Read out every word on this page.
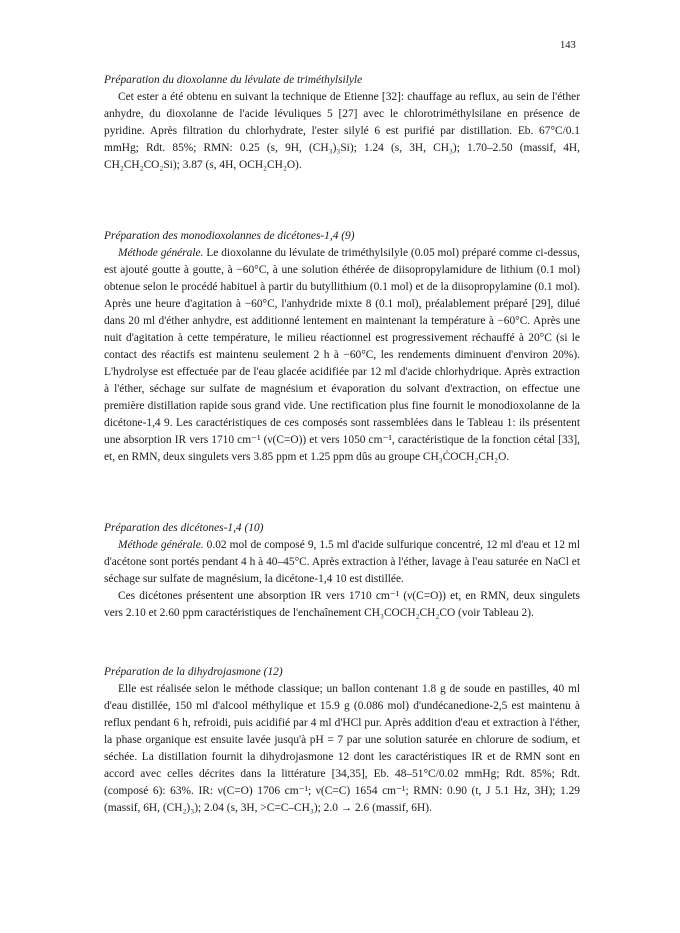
143

Préparation du dioxolanne du lévulate de triméthylsilyle

Cet ester a été obtenu en suivant la technique de Etienne [32]: chauffage au reflux, au sein de l'éther anhydre, du dioxolanne de l'acide lévuliques 5 [27] avec le chlorotriméthylsilane en présence de pyridine. Après filtration du chlorhydrate, l'ester silylé 6 est purifié par distillation. Eb. 67°C/0.1 mmHg; Rdt. 85%; RMN: 0.25 (s, 9H, (CH₃)₃Si); 1.24 (s, 3H, CH₃); 1.70–2.50 (massif, 4H, CH₂CH₂CO₂Si); 3.87 (s, 4H, OCH₂CH₂O).

Préparation des monodioxolannes de dicétones-1,4 (9)

Méthode générale. Le dioxolanne du lévulate de triméthylsilyle (0.05 mol) préparé comme ci-dessus, est ajouté goutte à goutte, à −60°C, à une solution éthérée de diisopropylamidure de lithium (0.1 mol) obtenue selon le procédé habituel à partir du butyllithium (0.1 mol) et de la diisopropylamine (0.1 mol). Après une heure d'agitation à −60°C, l'anhydride mixte 8 (0.1 mol), préalablement préparé [29], dilué dans 20 ml d'éther anhydre, est additionné lentement en maintenant la température à −60°C. Après une nuit d'agitation à cette température, le milieu réactionnel est progressivement réchauffé à 20°C (si le contact des réactifs est maintenu seulement 2 h à −60°C, les rendements diminuent d'environ 20%). L'hydrolyse est effectuée par de l'eau glacée acidifiée par 12 ml d'acide chlorhydrique. Après extraction à l'éther, séchage sur sulfate de magnésium et évaporation du solvant d'extraction, on effectue une première distillation rapide sous grand vide. Une rectification plus fine fournit le monodioxolanne de la dicétone-1,4 9. Les caractéristiques de ces composés sont rassemblées dans le Tableau 1: ils présentent une absorption IR vers 1710 cm⁻¹ (ν(C=O)) et vers 1050 cm⁻¹, caractéristique de la fonction cétal [33], et, en RMN, deux singulets vers 3.85 ppm et 1.25 ppm dûs au groupe CH₃ĊOCH₂CH₂O.

Préparation des dicétones-1,4 (10)

Méthode générale. 0.02 mol de composé 9, 1.5 ml d'acide sulfurique concentré, 12 ml d'eau et 12 ml d'acétone sont portés pendant 4 h à 40–45°C. Après extraction à l'éther, lavage à l'eau saturée en NaCl et séchage sur sulfate de magnésium, la dicétone-1,4 10 est distillée.

Ces dicétones présentent une absorption IR vers 1710 cm⁻¹ (ν(C=O)) et, en RMN, deux singulets vers 2.10 et 2.60 ppm caractéristiques de l'enchaînement CH₃COCH₂CH₂CO (voir Tableau 2).

Préparation de la dihydrojasmone (12)

Elle est réalisée selon le méthode classique; un ballon contenant 1.8 g de soude en pastilles, 40 ml d'eau distillée, 150 ml d'alcool méthylique et 15.9 g (0.086 mol) d'undécanedione-2,5 est maintenu à reflux pendant 6 h, refroidi, puis acidifié par 4 ml d'HCl pur. Après addition d'eau et extraction à l'éther, la phase organique est ensuite lavée jusqu'à pH = 7 par une solution saturée en chlorure de sodium, et séchée. La distillation fournit la dihydrojasmone 12 dont les caractéristiques IR et de RMN sont en accord avec celles décrites dans la littérature [34,35], Eb. 48–51°C/0.02 mmHg; Rdt. 85%; Rdt. (composé 6): 63%. IR: ν(C=O) 1706 cm⁻¹; ν(C=C) 1654 cm⁻¹; RMN: 0.90 (t, J 5.1 Hz, 3H); 1.29 (massif, 6H, (CH₂)₃); 2.04 (s, 3H, >C=C–CH₃); 2.0 → 2.6 (massif, 6H).
